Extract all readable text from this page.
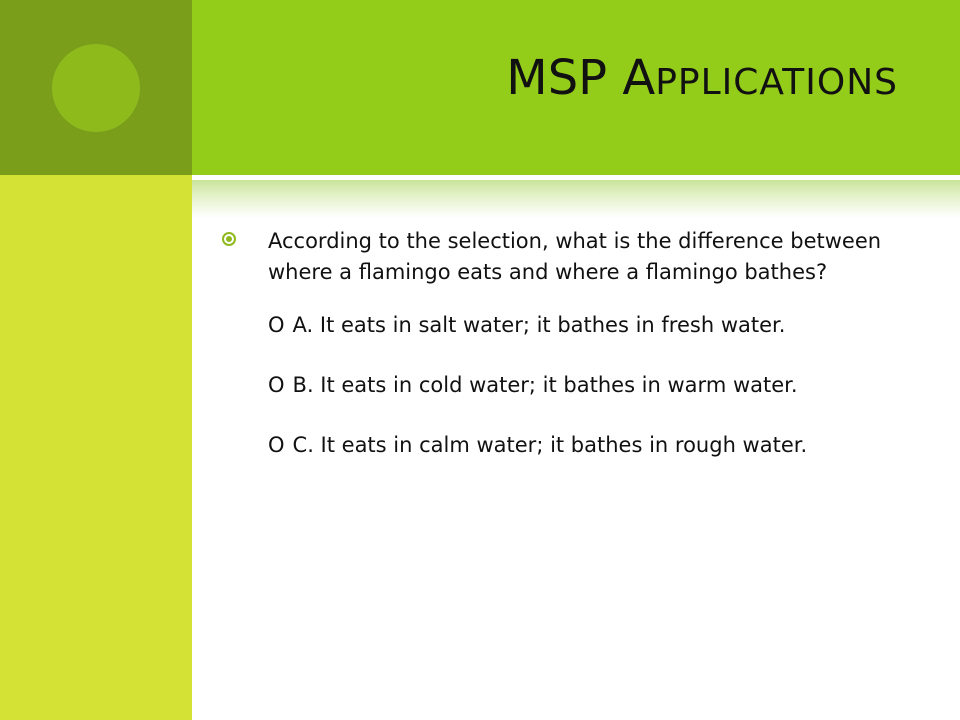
MSP APPLICATIONS
According to the selection, what is the difference between where a flamingo eats and where a flamingo bathes?
O A. It eats in salt water; it bathes in fresh water.
O B. It eats in cold water; it bathes in warm water.
O C. It eats in calm water; it bathes in rough water.
